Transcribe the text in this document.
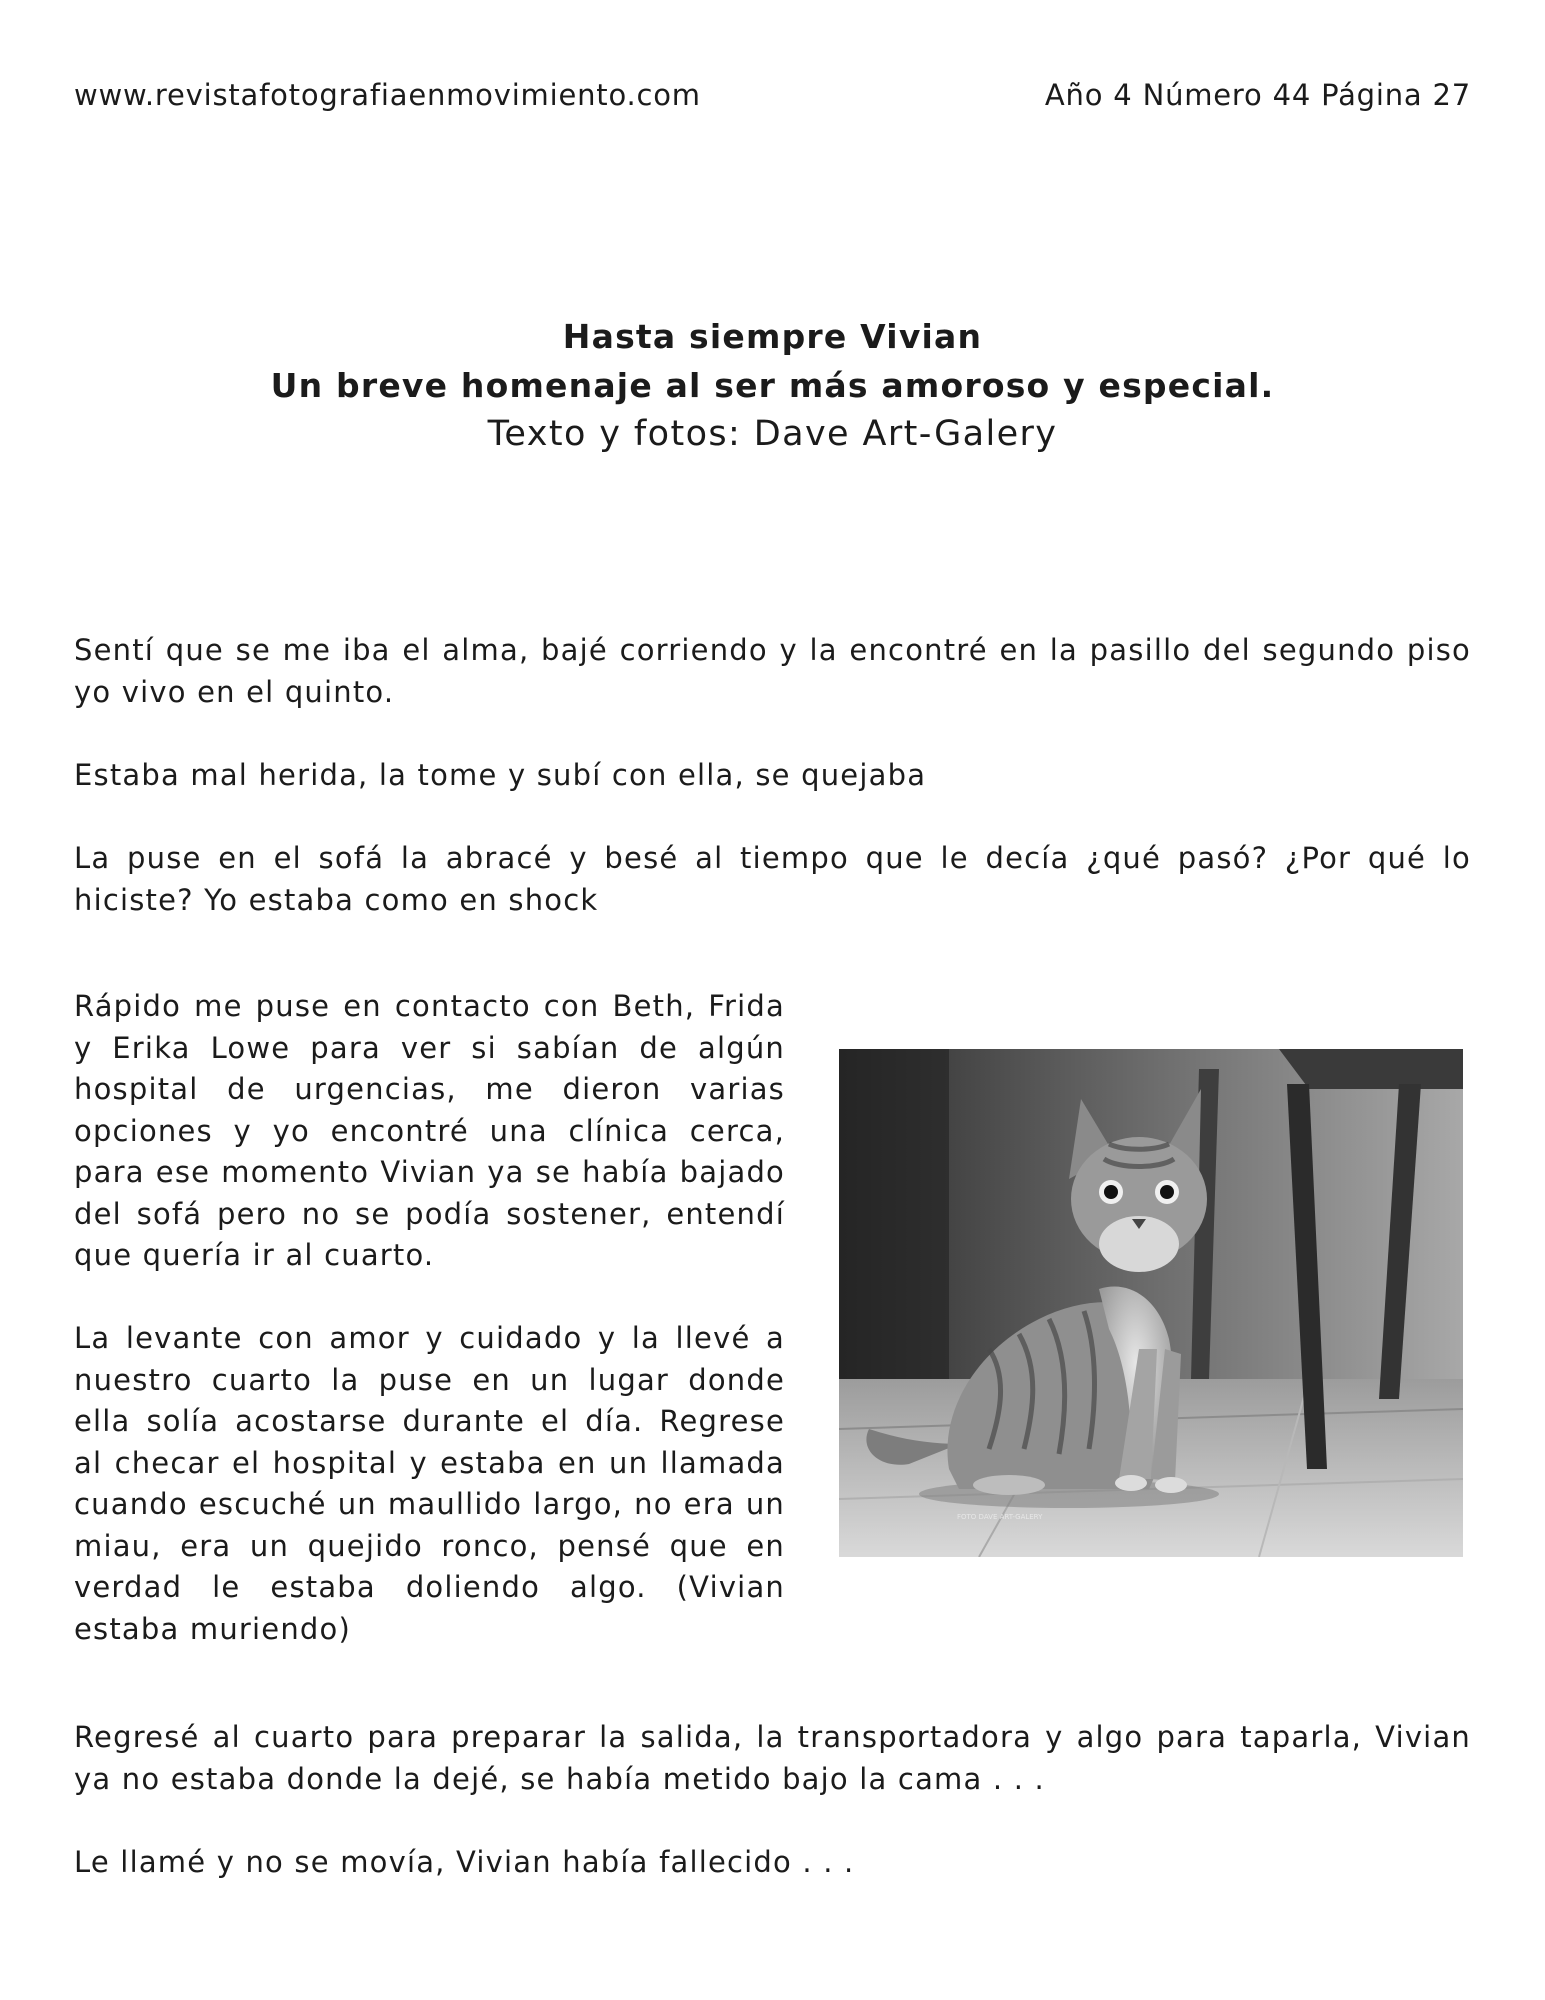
www.revistafotografiaenmovimiento.com	Año 4 Número 44 Página 27
Hasta siempre Vivian
Un breve homenaje al ser más amoroso y especial.
Texto y fotos: Dave Art-Galery

Sentí que se me iba el alma, bajé corriendo y la encontré en la pasillo del segundo piso yo vivo en el quinto.

Estaba mal herida, la tome y subí con ella, se quejaba

La puse en el sofá la abracé y besé al tiempo que le decía ¿qué pasó? ¿Por qué lo hiciste? Yo estaba como en shock

Rápido me puse en contacto con Beth, Frida y Erika Lowe para ver si sabían de algún hospital de urgencias, me dieron varias opciones y yo encontré una clínica cerca, para ese momento Vivian ya se había bajado del sofá pero no se podía sostener, entendí que quería ir al cuarto.

La levante con amor y cuidado y la llevé a nuestro cuarto la puse en un lugar donde ella solía acostarse durante el día. Regrese al checar el hospital y estaba en un llamada cuando escuché un maullido largo, no era un miau, era un quejido ronco, pensé que en verdad le estaba doliendo algo. (Vivian estaba muriendo)

FOTO DAVE ART-GALERY

Regresé al cuarto para preparar la salida, la transportadora y algo para taparla, Vivian ya no estaba donde la dejé, se había metido bajo la cama . . .

Le llamé y no se movía, Vivian había fallecido . . .
